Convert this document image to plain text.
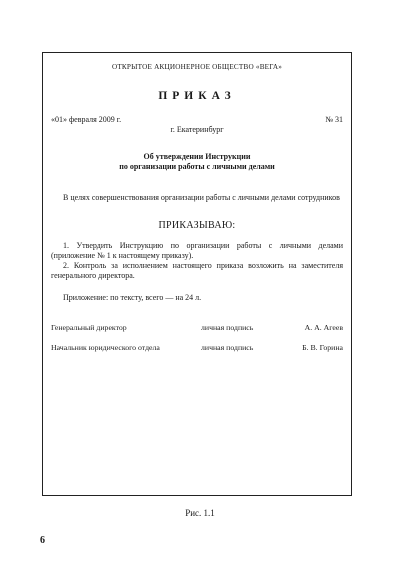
ОТКРЫТОЕ АКЦИОНЕРНОЕ ОБЩЕСТВО «ВЕГА»
ПРИКАЗ
«01» февраля 2009 г.	№ 31
г. Екатеринбург
Об утверждении Инструкции
по организации работы с личными делами
В целях совершенствования организации работы с личными делами сотрудников
ПРИКАЗЫВАЮ:
1. Утвердить Инструкцию по организации работы с личными делами (приложение № 1 к настоящему приказу).
2. Контроль за исполнением настоящего приказа возложить на заместителя генерального директора.
Приложение: по тексту, всего — на 24 л.
Генеральный директор	личная подпись	А. А. Агеев
Начальник юридического отдела	личная подпись	Б. В. Горина
Рис. 1.1
6
